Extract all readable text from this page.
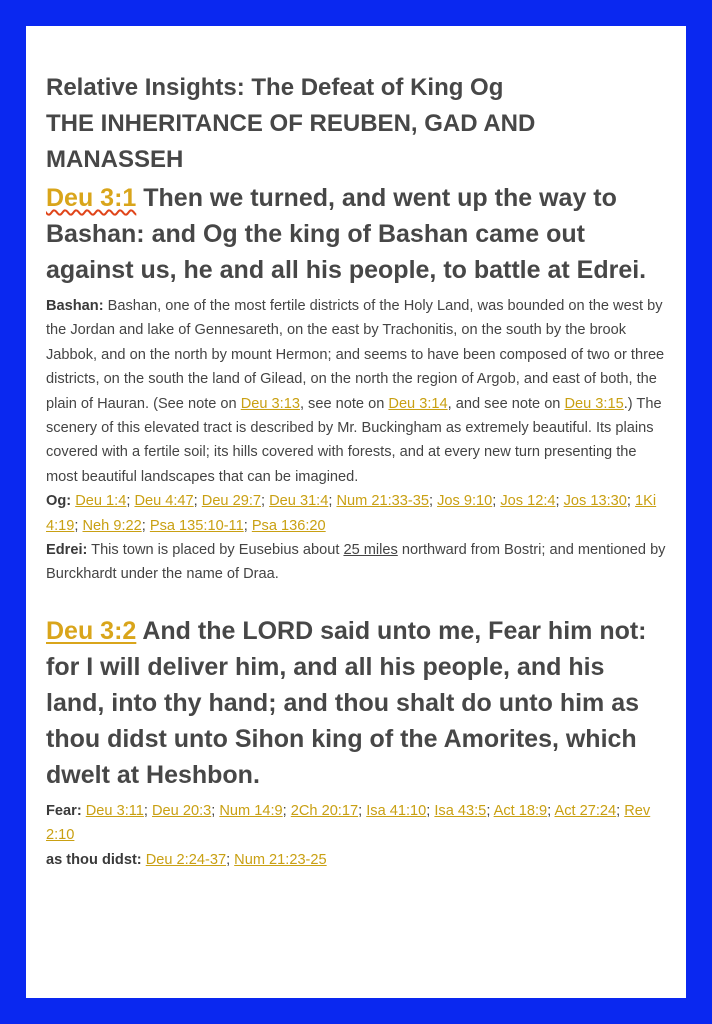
Relative Insights: The Defeat of King Og
THE INHERITANCE OF REUBEN, GAD AND
MANASSEH
Deu 3:1 Then we turned, and went up the way to Bashan: and Og the king of Bashan came out against us, he and all his people, to battle at Edrei.
Bashan: Bashan, one of the most fertile districts of the Holy Land, was bounded on the west by the Jordan and lake of Gennesareth, on the east by Trachonitis, on the south by the brook Jabbok, and on the north by mount Hermon; and seems to have been composed of two or three districts, on the south the land of Gilead, on the north the region of Argob, and east of both, the plain of Hauran. (See note on Deu 3:13, see note on Deu 3:14, and see note on Deu 3:15.) The scenery of this elevated tract is described by Mr. Buckingham as extremely beautiful. Its plains covered with a fertile soil; its hills covered with forests, and at every new turn presenting the most beautiful landscapes that can be imagined.
Og: Deu 1:4; Deu 4:47; Deu 29:7; Deu 31:4; Num 21:33-35; Jos 9:10; Jos 12:4; Jos 13:30; 1Ki 4:19; Neh 9:22; Psa 135:10-11; Psa 136:20
Edrei: This town is placed by Eusebius about 25 miles northward from Bostri; and mentioned by Burckhardt under the name of Draa.
Deu 3:2 And the LORD said unto me, Fear him not: for I will deliver him, and all his people, and his land, into thy hand; and thou shalt do unto him as thou didst unto Sihon king of the Amorites, which dwelt at Heshbon.
Fear: Deu 3:11; Deu 20:3; Num 14:9; 2Ch 20:17; Isa 41:10; Isa 43:5; Act 18:9; Act 27:24; Rev 2:10
as thou didst: Deu 2:24-37; Num 21:23-25
